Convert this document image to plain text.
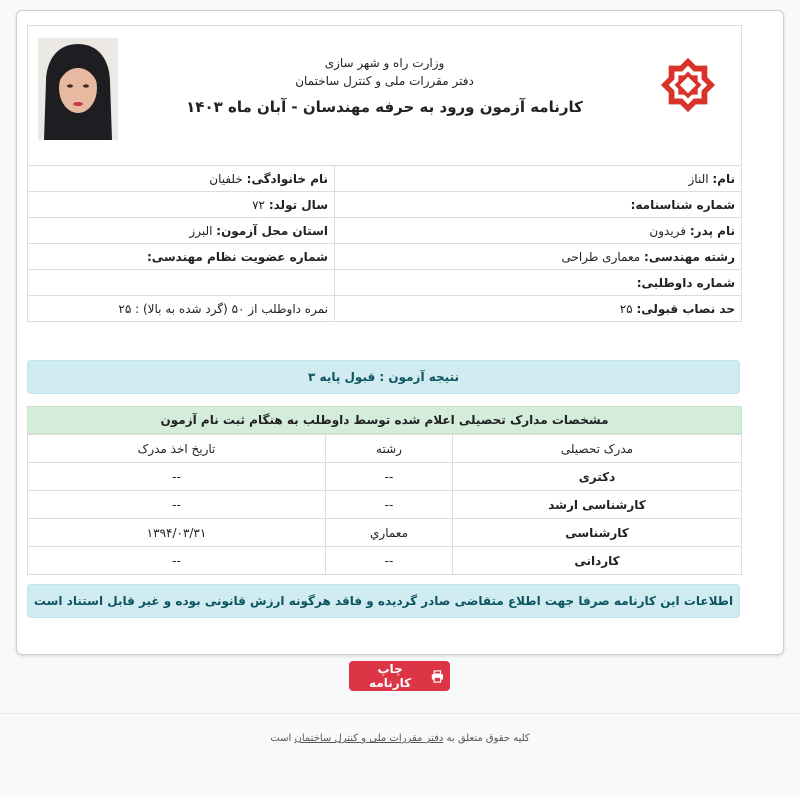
وزارت راه و شهر سازی
دفتر مقررات ملی و کنترل ساختمان
کارنامه آزمون ورود به حرفه مهندسان - آبان ماه ۱۴۰۳
نام: الناز	نام خانوادگی: خلفیان
شماره شناسنامه:	سال تولد: ۷۲
نام پدر: فریدون	استان محل آزمون: البرز
رشته مهندسی: معماری طراحی	شماره عضویت نظام مهندسی:
شماره داوطلبی:	
حد نصاب قبولی: ۲۵	نمره داوطلب از ۵۰ (گرد شده به بالا) : ۲۵
نتیجه آزمون : قبول پایه ۳
مشخصات مدارک تحصیلی اعلام شده توسط داوطلب به هنگام ثبت نام آزمون
مدرک تحصیلی	رشته	تاریخ اخذ مدرک
دکتری	--	--
کارشناسی ارشد	--	--
کارشناسی	معماري	۱۳۹۴/۰۳/۳۱
کاردانی	--	--
اطلاعات این کارنامه صرفا جهت اطلاع متقاضی صادر گردیده و فاقد هرگونه ارزش قانونی بوده و غیر قابل استناد است
چاپ کارنامه
کلیه حقوق متعلق به دفتر مقررات ملی و کنترل ساختمان است
